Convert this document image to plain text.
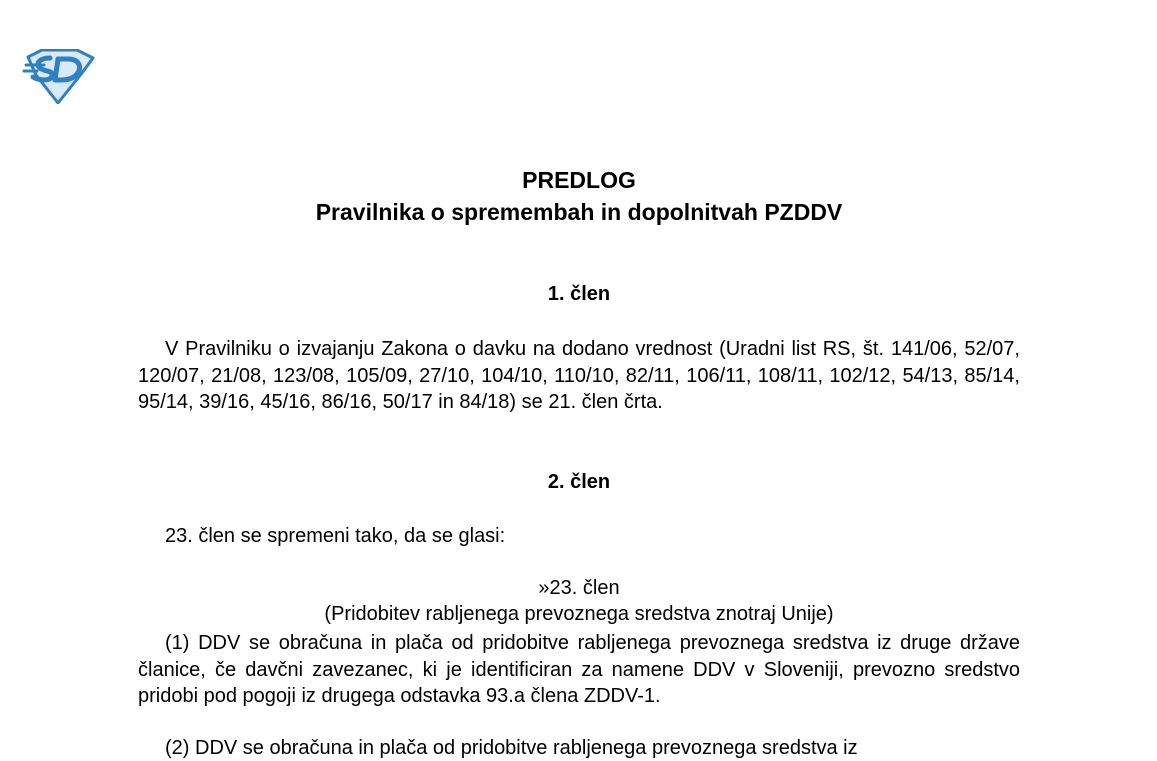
PREDLOG
Pravilnika o spremembah in dopolnitvah PZDDV
1. člen

V Pravilniku o izvajanju Zakona o davku na dodano vrednost (Uradni list RS, št. 141/06, 52/07, 120/07, 21/08, 123/08, 105/09, 27/10, 104/10, 110/10, 82/11, 106/11, 108/11, 102/12, 54/13, 85/14, 95/14, 39/16, 45/16, 86/16, 50/17 in 84/18) se 21. člen črta.

2. člen

23. člen se spremeni tako, da se glasi:

»23. člen

(Pridobitev rabljenega prevoznega sredstva znotraj Unije)

(1) DDV se obračuna in plača od pridobitve rabljenega prevoznega sredstva iz druge države članice, če davčni zavezanec, ki je identificiran za namene DDV v Sloveniji, prevozno sredstvo pridobi pod pogoji iz drugega odstavka 93.a člena ZDDV-1.

(2) DDV se obračuna in plača od pridobitve rabljenega prevoznega sredstva iz
